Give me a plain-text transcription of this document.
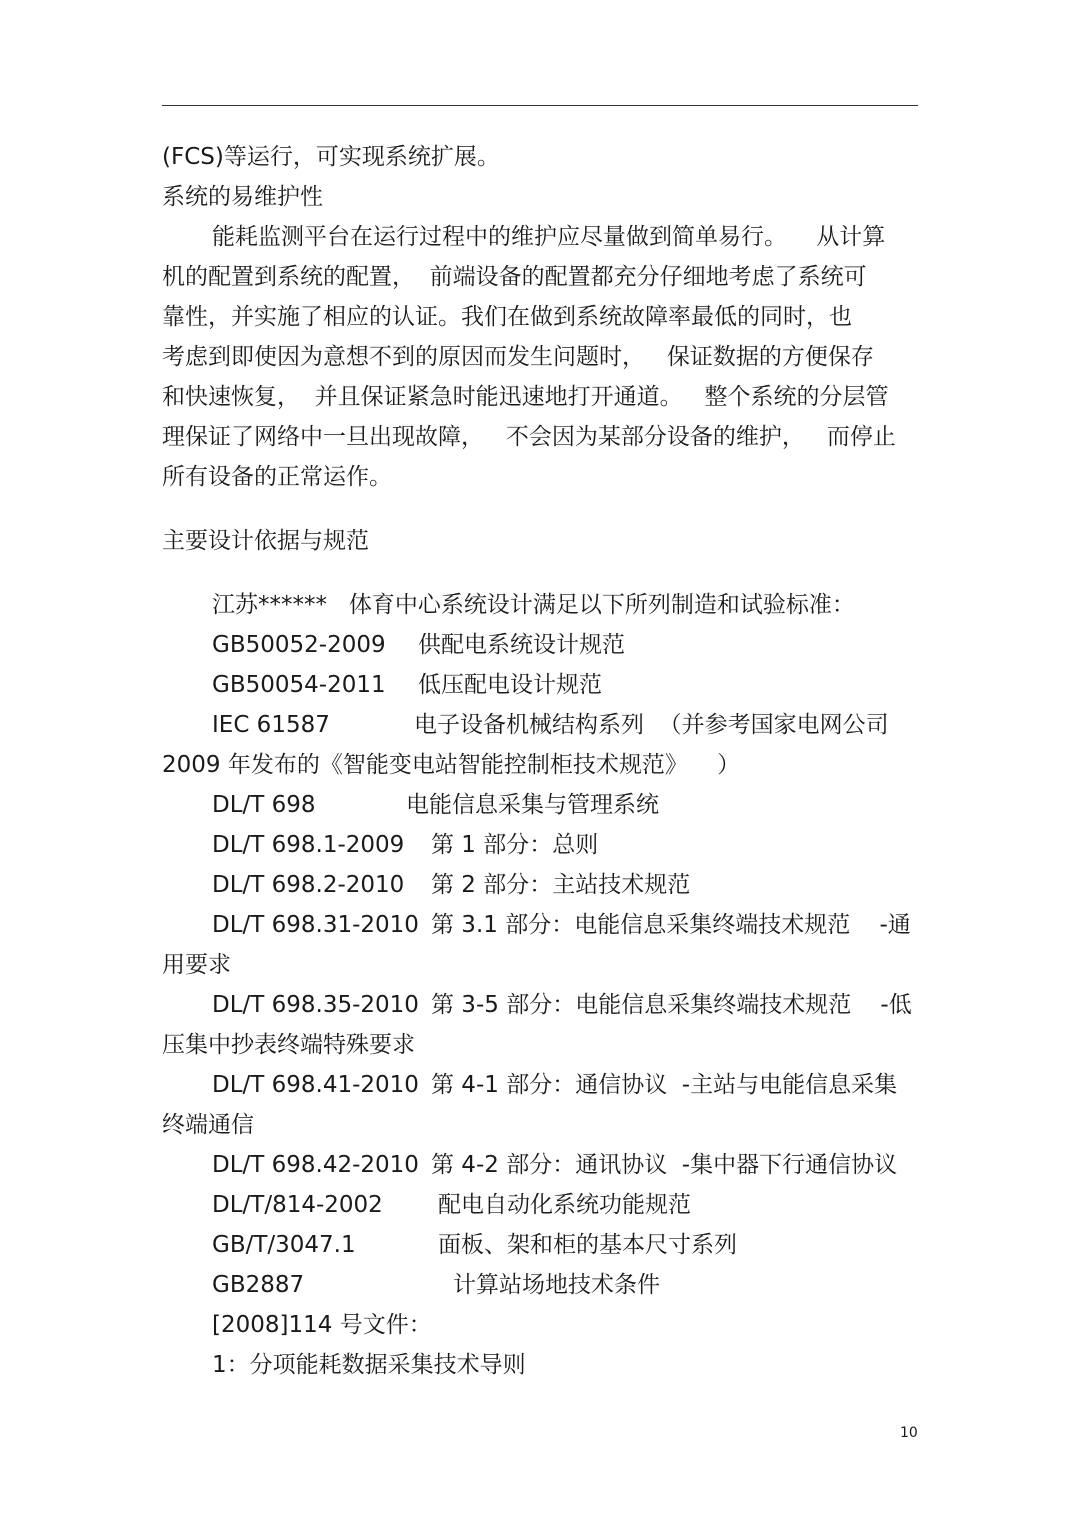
(FCS)等运行，可实现系统扩展。
系统的易维护性
能耗监测平台在运行过程中的维护应尽量做到简单易行。    从计算
机的配置到系统的配置，  前端设备的配置都充分仔细地考虑了系统可
靠性，并实施了相应的认证。我们在做到系统故障率最低的同时，也
考虑到即使因为意想不到的原因而发生问题时，   保证数据的方便保存
和快速恢复，  并且保证紧急时能迅速地打开通道。   整个系统的分层管
理保证了网络中一旦出现故障，   不会因为某部分设备的维护，   而停止
所有设备的正常运作。
主要设计依据与规范
江苏******   体育中心系统设计满足以下所列制造和试验标准：
GB50052-2009 供配电系统设计规范
GB50054-2011 低压配电设计规范
IEC 61587	电子设备机械结构系列  （并参考国家电网公司
2009 年发布的《智能变电站智能控制柜技术规范》    ）
DL/T 698	电能信息采集与管理系统
DL/T 698.1-2009 第 1 部分：总则
DL/T 698.2-2010 第 2 部分：主站技术规范
DL/T 698.31-2010 第 3.1 部分：电能信息采集终端技术规范    -通
用要求
DL/T 698.35-2010 第 3-5 部分：电能信息采集终端技术规范    -低
压集中抄表终端特殊要求
DL/T 698.41-2010 第 4-1 部分：通信协议  -主站与电能信息采集
终端通信
DL/T 698.42-2010 第 4-2 部分：通讯协议  -集中器下行通信协议
DL/T/814-2002 配电自动化系统功能规范
GB/T/3047.1	面板、架和柜的基本尺寸系列
GB2887	计算站场地技术条件
[2008]114 号文件：
1：分项能耗数据采集技术导则
10
